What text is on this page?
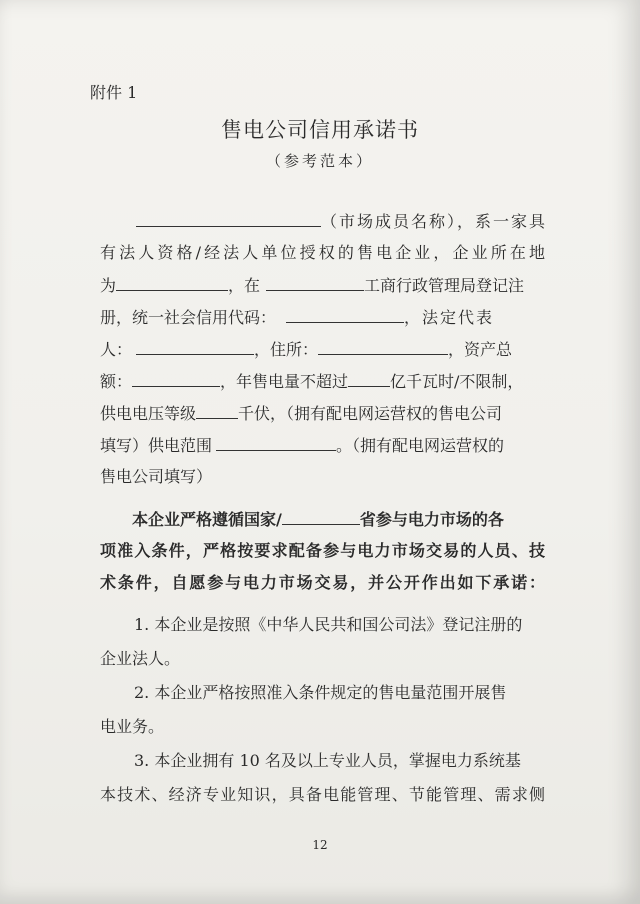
附件 1
售电公司信用承诺书
（参考范本）
（市场成员名称），系一家具
有法人资格/经法人单位授权的售电企业，企业所在地
为	，在	工商行政管理局登记注
册，统一社会信用代码：	，法定代表
人：	，住所：	，资产总
额：	，年售电量不超过	亿千瓦时/不限制，
供电电压等级	千伏，（拥有配电网运营权的售电公司
填写）供电范围	。（拥有配电网运营权的
售电公司填写）
本企业严格遵循国家/	省参与电力市场的各
项准入条件，严格按要求配备参与电力市场交易的人员、技
术条件，自愿参与电力市场交易，并公开作出如下承诺：
1. 本企业是按照《中华人民共和国公司法》登记注册的
企业法人。
2. 本企业严格按照准入条件规定的售电量范围开展售
电业务。
3. 本企业拥有 10 名及以上专业人员，掌握电力系统基
本技术、经济专业知识，具备电能管理、节能管理、需求侧
12
